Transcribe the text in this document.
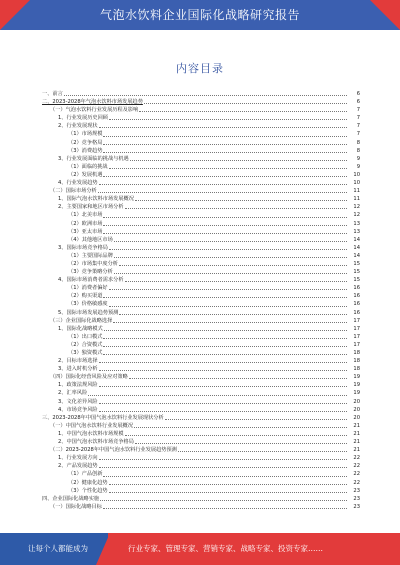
气泡水饮料企业国际化战略研究报告
内容目录
一、前言	6
二、2023-2028年气泡水饮料市场发展趋势	6
（一）气泡水饮料行业发展历程及影响	7
1、行业发展历史回顾	7
2、行业发展现状	7
（1）市场规模	7
（2）竞争格局	8
（3）消费趋势	8
3、行业发展面临的挑战与机遇	9
（1）面临的挑战	9
（2）发展机遇	10
4、行业发展趋势	10
（二）国际市场分析	11
1、国际气泡水饮料市场发展概况	11
2、主要国家和地区市场分析	12
（1）北美市场	12
（2）欧洲市场	13
（3）亚太市场	13
（4）其他地区市场	14
3、国际市场竞争格局	14
（1）主要国际品牌	14
（2）市场集中度分析	15
（3）竞争策略分析	15
4、国际市场消费者需求分析	15
（1）消费者偏好	16
（2）购买渠道	16
（3）价格敏感度	16
5、国际市场发展趋势预测	16
（三）企业国际化战略选择	17
1、国际化战略模式	17
（1）出口模式	17
（2）合资模式	17
（3）独资模式	18
2、目标市场选择	18
3、进入时机分析	18
（四）国际化经营风险及应对策略	19
1、政策法规风险	19
2、汇率风险	19
3、文化差异风险	20
4、市场竞争风险	20
三、2023-2028年中国气泡水饮料行业发展现状分析	20
（一）中国气泡水饮料行业发展概况	21
1、中国气泡水饮料市场规模	21
2、中国气泡水饮料市场竞争格局	21
（二）2023-2028年中国气泡水饮料行业发展趋势预测	21
1、行业发展方向	22
2、产品发展趋势	22
（1）产品创新	22
（2）健康化趋势	22
（3）个性化趋势	23
四、企业国际化战略实施	23
（一）国际化战略目标	23
让每个人都能成为	行业专家、管理专家、营销专家、战略专家、投资专家……
